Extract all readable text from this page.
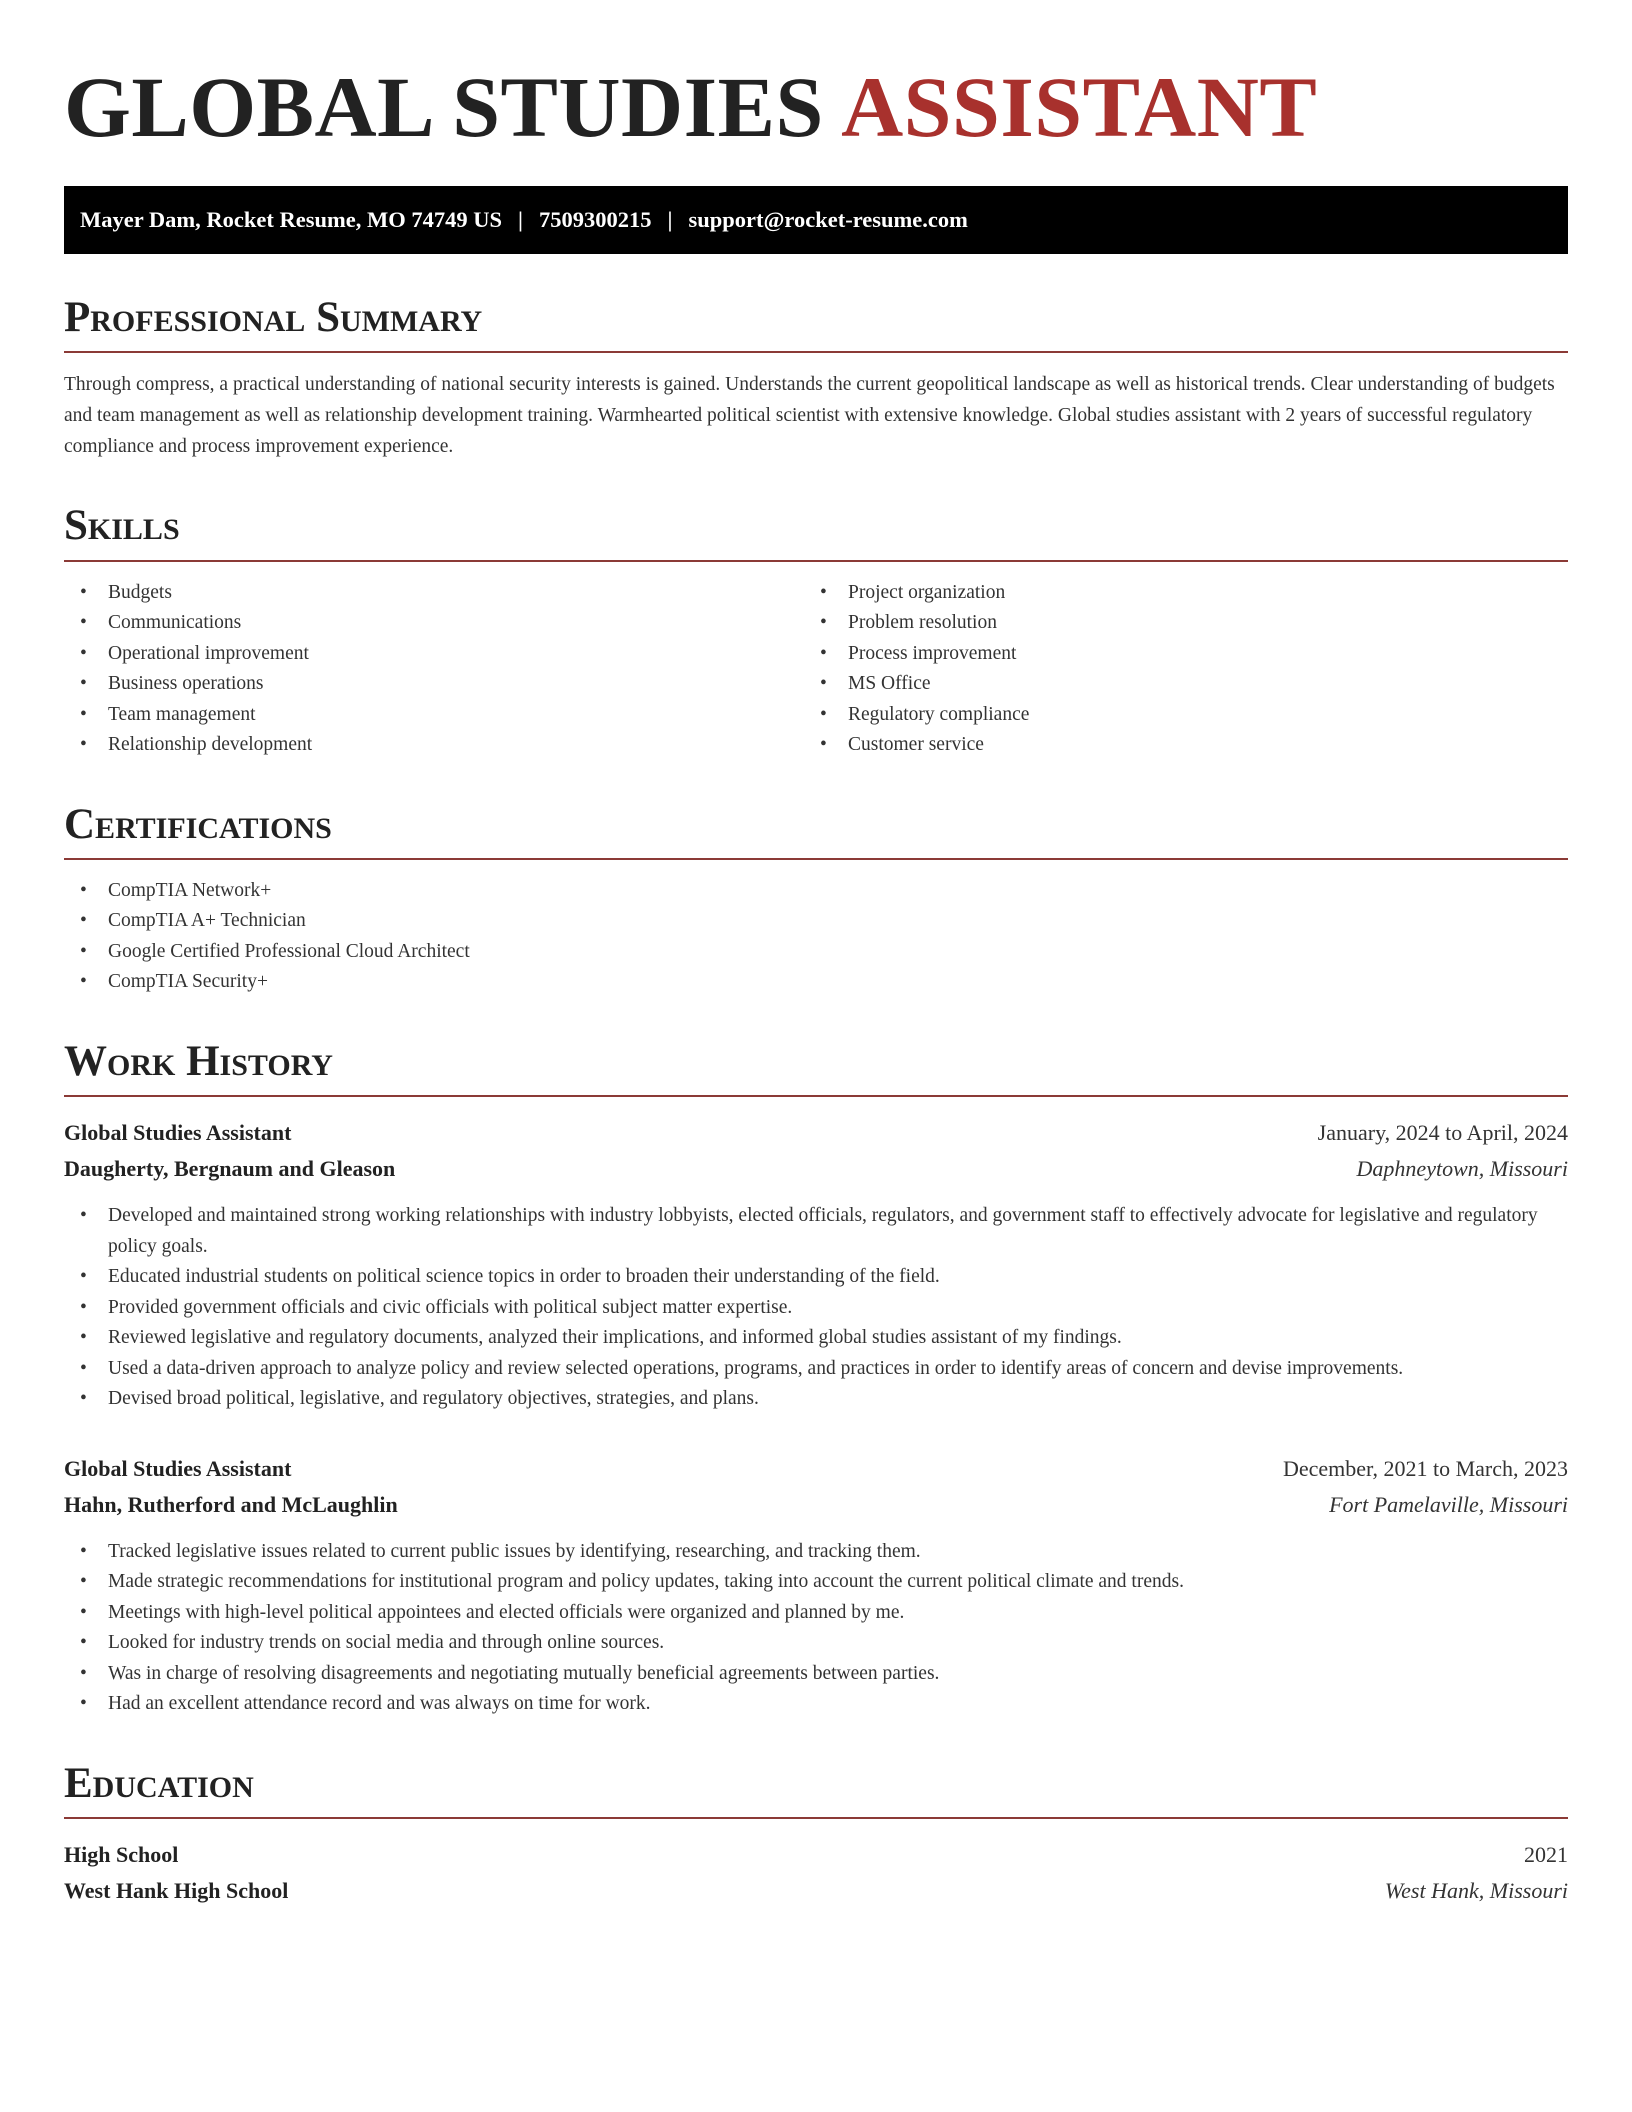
GLOBAL STUDIES ASSISTANT
Mayer Dam, Rocket Resume, MO 74749 US | 7509300215 | support@rocket-resume.com
Professional Summary

Through compress, a practical understanding of national security interests is gained. Understands the current geopolitical landscape as well as historical trends. Clear understanding of budgets and team management as well as relationship development training. Warmhearted political scientist with extensive knowledge. Global studies assistant with 2 years of successful regulatory compliance and process improvement experience.

Skills
• Budgets
• Communications
• Operational improvement
• Business operations
• Team management
• Relationship development
• Project organization
• Problem resolution
• Process improvement
• MS Office
• Regulatory compliance
• Customer service
Certifications
• CompTIA Network+
• CompTIA A+ Technician
• Google Certified Professional Cloud Architect
• CompTIA Security+
Work History
Global Studies Assistant	January, 2024 to April, 2024
Daugherty, Bergnaum and Gleason	Daphneytown, Missouri
• Developed and maintained strong working relationships with industry lobbyists, elected officials, regulators, and government staff to effectively advocate for legislative and regulatory policy goals.
• Educated industrial students on political science topics in order to broaden their understanding of the field.
• Provided government officials and civic officials with political subject matter expertise.
• Reviewed legislative and regulatory documents, analyzed their implications, and informed global studies assistant of my findings.
• Used a data-driven approach to analyze policy and review selected operations, programs, and practices in order to identify areas of concern and devise improvements.
• Devised broad political, legislative, and regulatory objectives, strategies, and plans.
Global Studies Assistant	December, 2021 to March, 2023
Hahn, Rutherford and McLaughlin	Fort Pamelaville, Missouri
• Tracked legislative issues related to current public issues by identifying, researching, and tracking them.
• Made strategic recommendations for institutional program and policy updates, taking into account the current political climate and trends.
• Meetings with high-level political appointees and elected officials were organized and planned by me.
• Looked for industry trends on social media and through online sources.
• Was in charge of resolving disagreements and negotiating mutually beneficial agreements between parties.
• Had an excellent attendance record and was always on time for work.
Education
High School	2021
West Hank High School	West Hank, Missouri
